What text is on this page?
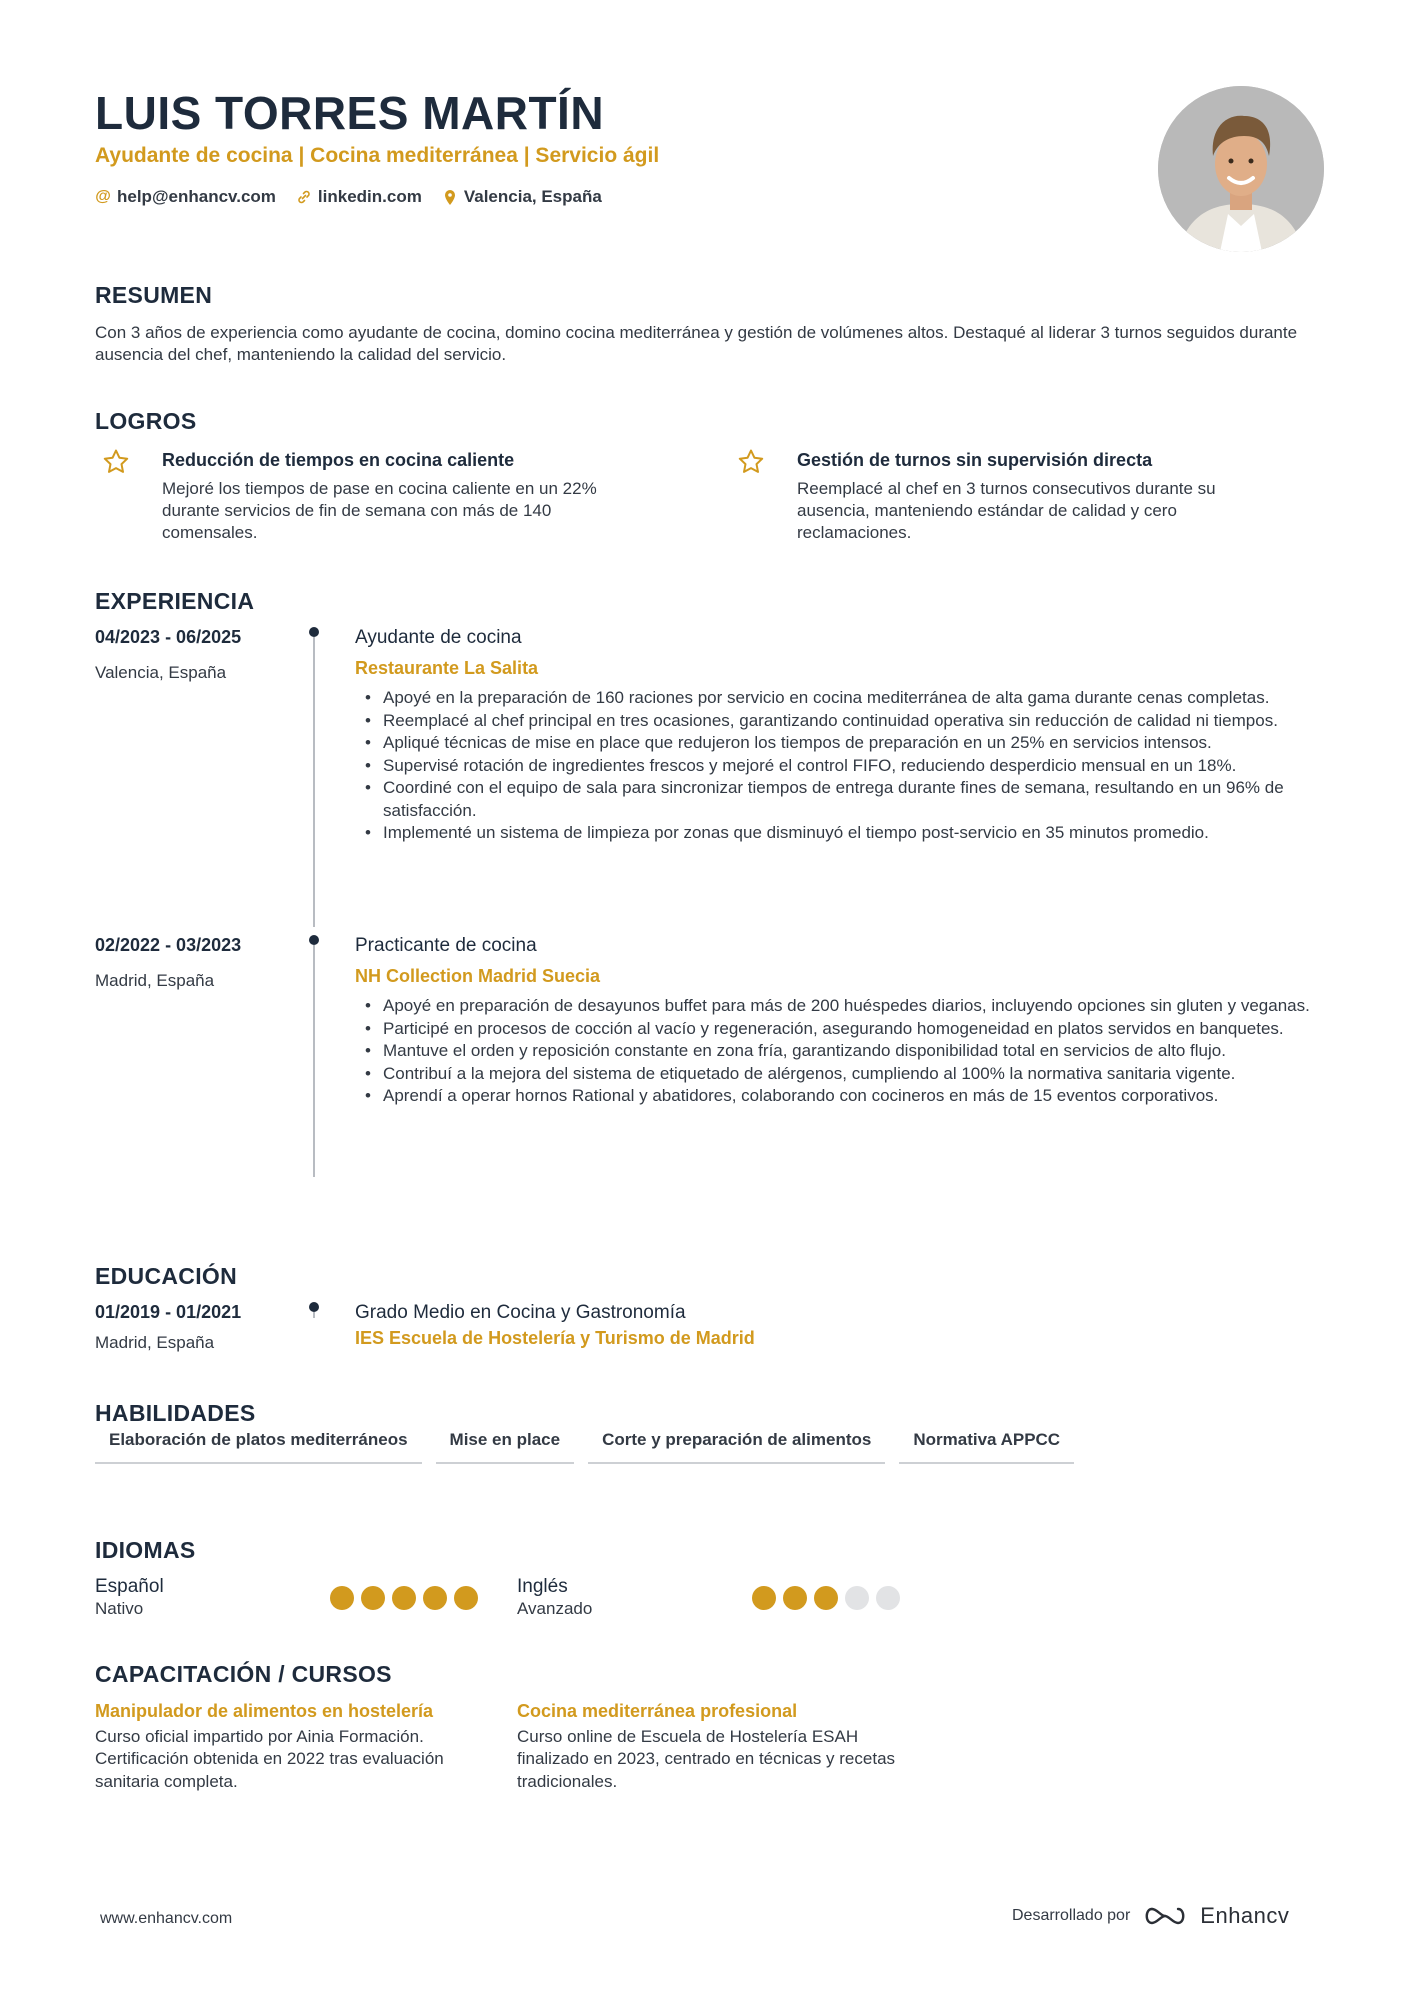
LUIS TORRES MARTÍN
Ayudante de cocina | Cocina mediterránea | Servicio ágil
@ help@enhancv.com linkedin.com Valencia, España
RESUMEN
Con 3 años de experiencia como ayudante de cocina, domino cocina mediterránea y gestión de volúmenes altos. Destaqué al liderar 3 turnos seguidos durante ausencia del chef, manteniendo la calidad del servicio.
LOGROS
Reducción de tiempos en cocina caliente
Mejoré los tiempos de pase en cocina caliente en un 22% durante servicios de fin de semana con más de 140 comensales.
Gestión de turnos sin supervisión directa
Reemplacé al chef en 3 turnos consecutivos durante su ausencia, manteniendo estándar de calidad y cero reclamaciones.
EXPERIENCIA
04/2023 - 06/2025
Valencia, España
Ayudante de cocina
Restaurante La Salita
• Apoyé en la preparación de 160 raciones por servicio en cocina mediterránea de alta gama durante cenas completas.
• Reemplacé al chef principal en tres ocasiones, garantizando continuidad operativa sin reducción de calidad ni tiempos.
• Apliqué técnicas de mise en place que redujeron los tiempos de preparación en un 25% en servicios intensos.
• Supervisé rotación de ingredientes frescos y mejoré el control FIFO, reduciendo desperdicio mensual en un 18%.
• Coordiné con el equipo de sala para sincronizar tiempos de entrega durante fines de semana, resultando en un 96% de satisfacción.
• Implementé un sistema de limpieza por zonas que disminuyó el tiempo post-servicio en 35 minutos promedio.
02/2022 - 03/2023
Madrid, España
Practicante de cocina
NH Collection Madrid Suecia
• Apoyé en preparación de desayunos buffet para más de 200 huéspedes diarios, incluyendo opciones sin gluten y veganas.
• Participé en procesos de cocción al vacío y regeneración, asegurando homogeneidad en platos servidos en banquetes.
• Mantuve el orden y reposición constante en zona fría, garantizando disponibilidad total en servicios de alto flujo.
• Contribuí a la mejora del sistema de etiquetado de alérgenos, cumpliendo al 100% la normativa sanitaria vigente.
• Aprendí a operar hornos Rational y abatidores, colaborando con cocineros en más de 15 eventos corporativos.
EDUCACIÓN
01/2019 - 01/2021
Madrid, España
Grado Medio en Cocina y Gastronomía
IES Escuela de Hostelería y Turismo de Madrid
HABILIDADES
Elaboración de platos mediterráneos	Mise en place	Corte y preparación de alimentos	Normativa APPCC
IDIOMAS
Español
Nativo
Inglés
Avanzado
CAPACITACIÓN / CURSOS
Manipulador de alimentos en hostelería
Curso oficial impartido por Ainia Formación. Certificación obtenida en 2022 tras evaluación sanitaria completa.
Cocina mediterránea profesional
Curso online de Escuela de Hostelería ESAH finalizado en 2023, centrado en técnicas y recetas tradicionales.
www.enhancv.com	Desarrollado por	Enhancv
